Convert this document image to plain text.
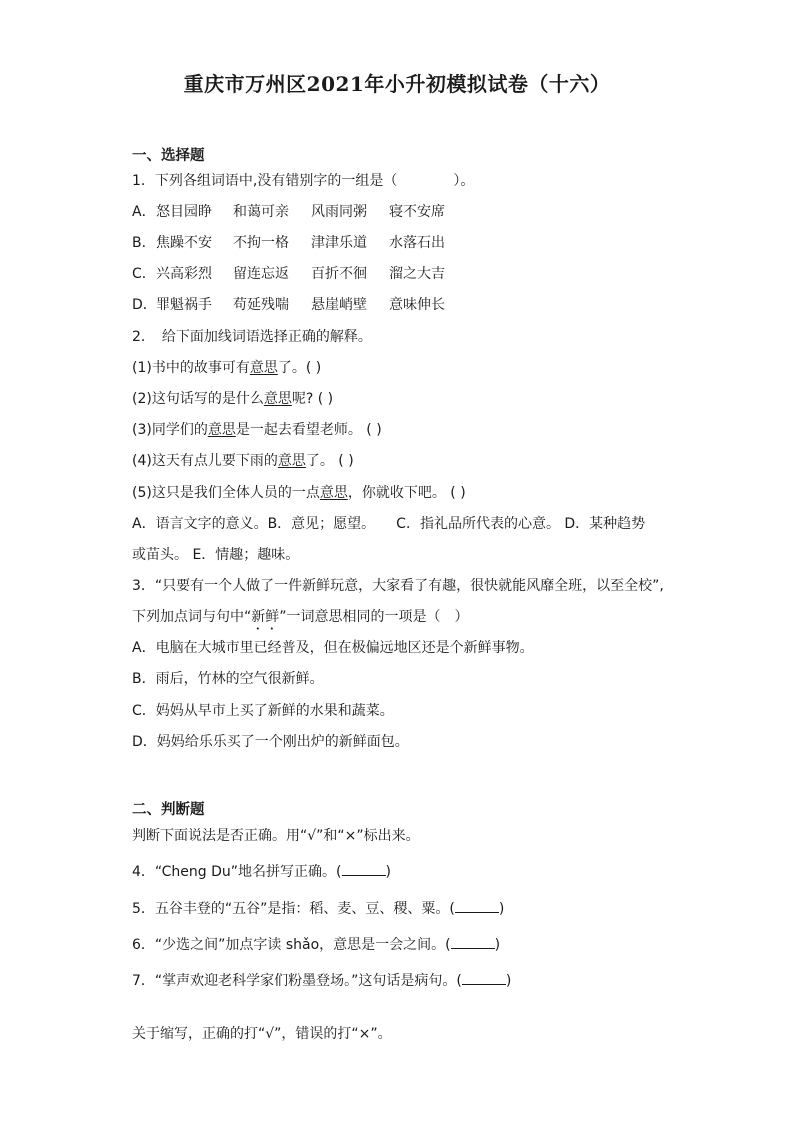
重庆市万州区2021年小升初模拟试卷（十六）
一、选择题
1．下列各组词语中,没有错别字的一组是（	）。
A． 怒目园睁 和蔼可亲 风雨同粥 寝不安席
B． 焦躁不安 不拘一格 津津乐道 水落石出
C． 兴高彩烈 留连忘返 百折不徊 溜之大吉
D． 罪魁祸手 苟延残喘 悬崖峭壁 意味伸长
2．　给下面加线词语选择正确的解释。
(1)书中的故事可有意思了。( )
(2)这句话写的是什么意思呢? ( )
(3)同学们的意思是一起去看望老师。 ( )
(4)这天有点儿要下雨的意思了。 ( )
(5)这只是我们全体人员的一点意思，你就收下吧。 ( )
A．语言文字的意义。B．意见；愿望。　　C．指礼品所代表的心意。 D．某种趋势
或苗头。 E．情趣；趣味。
3．“只要有一个人做了一件新鲜玩意，大家看了有趣，很快就能风靡全班，以至全校”,
下列加点词与句中“新鲜”一词意思相同的一项是（　）
A．电脑在大城市里已经普及，但在极偏远地区还是个新鲜事物。
B．雨后，竹林的空气很新鲜。
C．妈妈从早市上买了新鲜的水果和蔬菜。
D．妈妈给乐乐买了一个刚出炉的新鲜面包。
二、判断题
判断下面说法是否正确。用“√”和“×”标出来。
4．“Cheng Du”地名拼写正确。(	)
5．五谷丰登的“五谷”是指：稻、麦、豆、稷、粟。(	)
6．“少选之间”加点字读 shǎo，意思是一会之间。(	)
7．“掌声欢迎老科学家们粉墨登场。”这句话是病句。(	)
关于缩写，正确的打“√”，错误的打“×”。
